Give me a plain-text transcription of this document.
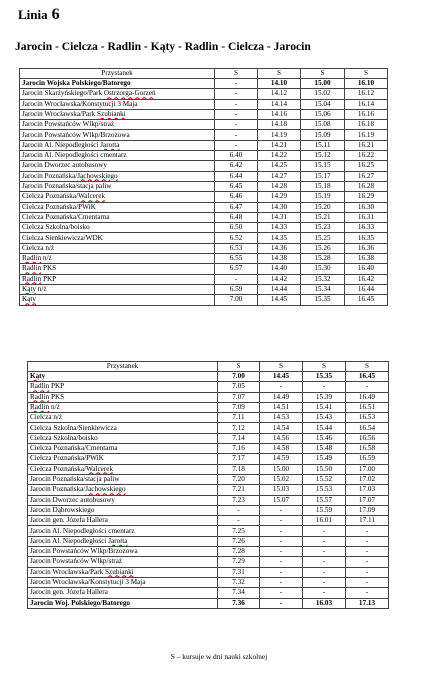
Linia 6
Jarocin - Cielcza - Radlin - Kąty - Radlin - Cielcza - Jarocin
Przystanek	S	S	S	S
Jarocin Wojska Polskiego/Batorego	-	14.10	15.00	16.10
Jarocin Skarżyńskiego/Park Ostrzorga-Gorzeń	-	14.12	15.02	16.12
Jarocin Wrocławska/Konstytucji 3 Maja	-	14.14	15.04	16.14
Jarocin Wrocławska/Park Szubianki	-	14.16	15.06	16.16
Jarocin Powstańców Wlkp/straż	-	14.18	15.08	16.18
Jarocin Powstańców Wlkp/Brzozowa	-	14.19	15.09	16.19
Jarocin Al. Niepodległości Jarotta	-	14.21	15.11	16.21
Jarocin Al. Niepodległości cmentarz	6.40	14.22	15.12	16.22
Jarocin Dworzec autobusowy	6.42	14.25	15.15	16.25
Jarocin Poznańska/Jachowskiego	6.44	14.27	15.17	16.27
Jarocin Poznańska/stacja paliw	6.45	14.28	15.18	16.28
Cielcza Poznańska/Walcerek	6.46	14.29	15.19	16.29
Cielcza Poznańska/PWiK	6.47	14.30	15.20	16.30
Cielcza Poznańska/Cmentarna	6.48	14.31	15.21	16.31
Cielcza Szkolna/boisko	6.50	14.33	15.23	16.33
Cielcza Sienkiewicza/WDK	6.52	14.35	15.25	16.35
Cielcza n/ż	6.53	14.36	15.26	16.36
Radlin n/ż	6.55	14.38	15.28	16.38
Radlin PKS	6.57	14.40	15.30	16.40
Radlin PKP	-	14.42	15.32	16.42
Kąty n/ż	6.59	14.44	15.34	16.44
Kąty	7.00	14.45	15.35	16.45
Przystanek	S	S	S	S
Kąty	7.00	14.45	15.35	16.45
Radlin PKP	7.05	-	-	-
Radlin PKS	7.07	14.49	15.39	16.49
Radlin n/ż	7.09	14.51	15.41	16.51
Cielcza n/ż	7.11	14.53	15.43	16.53
Cielcza Szkolna/Sienkiewicza	7.12	14.54	15.44	16.54
Cielcza Szkolna/boisko	7.14	14.56	15.46	16.56
Cielcza Poznańska/Cmentarna	7.16	14.58	15.48	16.58
Cielcza Poznańska/PWiK	7.17	14.59	15.49	16.59
Cielcza Poznańska/Walcerek	7.18	15.00	15.50	17.00
Jarocin Poznańska/stacja paliw	7.20	15.02	15.52	17.02
Jarocin Poznańska/Jachowskiego	7.21	15.03	15.53	17.03
Jarocin Dworzec autobusowy	7.23	15.07	15.57	17.07
Jarocin Dąbrowskiego	-	-	15.59	17.09
Jarocin gen. Józefa Hallera	-	-	16.01	17.11
Jarocin Al. Niepodległości cmentarz	7.25	-	-	-
Jarocin Al. Niepodległości Jarotta	7.26	-	-	-
Jarocin Powstańców Wlkp/Brzozowa	7.28	-	-	-
Jarocin Powstańców Wlkp/straż	7.29	-	-	-
Jarocin Wrocławska/Park Szubianki	7.31	-	-	-
Jarocin Wrocławska/Konstytucji 3 Maja	7.32	-	-	-
Jarocin gen. Józefa Hallera	7.34	-	-	-
Jarocin Woj. Polskiego/Batorego	7.36	-	16.03	17.13
S – kursuje w dni nauki szkolnej
